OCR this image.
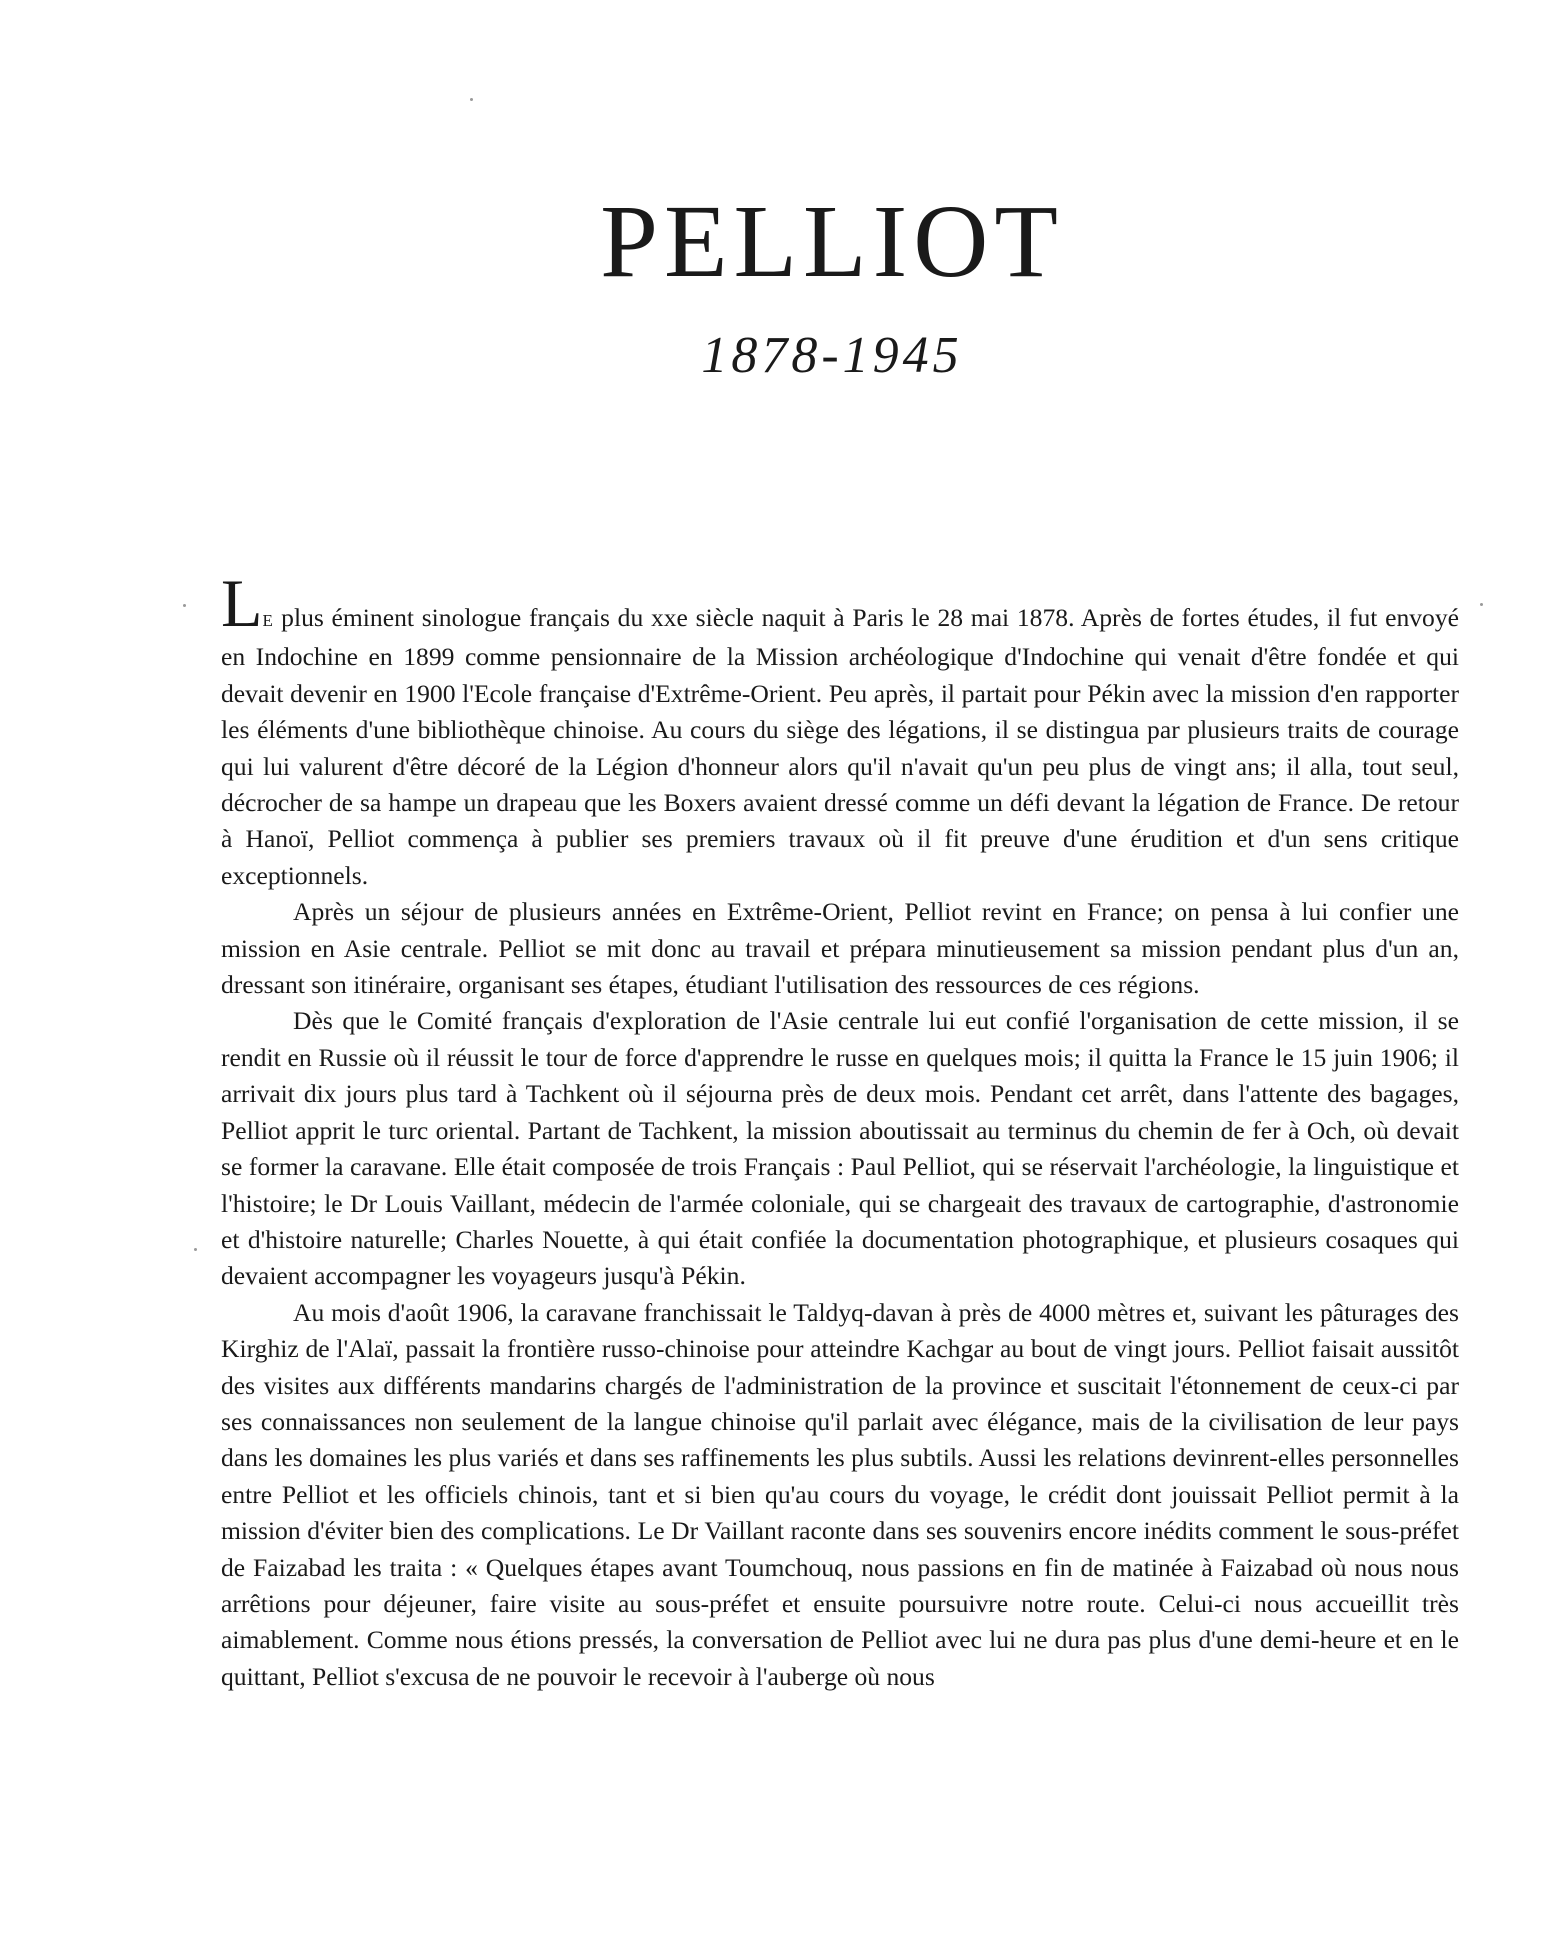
PELLIOT
1878-1945

LE plus éminent sinologue français du xxe siècle naquit à Paris le 28 mai 1878. Après de fortes études, il fut envoyé en Indochine en 1899 comme pensionnaire de la Mission archéologique d'Indochine qui venait d'être fondée et qui devait devenir en 1900 l'Ecole française d'Extrême-Orient. Peu après, il partait pour Pékin avec la mission d'en rapporter les éléments d'une bibliothèque chinoise. Au cours du siège des légations, il se distingua par plusieurs traits de courage qui lui valurent d'être décoré de la Légion d'honneur alors qu'il n'avait qu'un peu plus de vingt ans; il alla, tout seul, décrocher de sa hampe un drapeau que les Boxers avaient dressé comme un défi devant la légation de France. De retour à Hanoï, Pelliot commença à publier ses premiers travaux où il fit preuve d'une érudition et d'un sens critique exceptionnels.

Après un séjour de plusieurs années en Extrême-Orient, Pelliot revint en France; on pensa à lui confier une mission en Asie centrale. Pelliot se mit donc au travail et prépara minutieusement sa mission pendant plus d'un an, dressant son itinéraire, organisant ses étapes, étudiant l'utilisation des ressources de ces régions.

Dès que le Comité français d'exploration de l'Asie centrale lui eut confié l'organisation de cette mission, il se rendit en Russie où il réussit le tour de force d'apprendre le russe en quelques mois; il quitta la France le 15 juin 1906; il arrivait dix jours plus tard à Tachkent où il séjourna près de deux mois. Pendant cet arrêt, dans l'attente des bagages, Pelliot apprit le turc oriental. Partant de Tachkent, la mission aboutissait au terminus du chemin de fer à Och, où devait se former la caravane. Elle était composée de trois Français : Paul Pelliot, qui se réservait l'archéologie, la linguistique et l'histoire; le Dr Louis Vaillant, médecin de l'armée coloniale, qui se chargeait des travaux de cartographie, d'astronomie et d'histoire naturelle; Charles Nouette, à qui était confiée la documentation photographique, et plusieurs cosaques qui devaient accompagner les voyageurs jusqu'à Pékin.

Au mois d'août 1906, la caravane franchissait le Taldyq-davan à près de 4000 mètres et, suivant les pâturages des Kirghiz de l'Alaï, passait la frontière russo-chinoise pour atteindre Kachgar au bout de vingt jours. Pelliot faisait aussitôt des visites aux différents mandarins chargés de l'administration de la province et suscitait l'étonnement de ceux-ci par ses connaissances non seulement de la langue chinoise qu'il parlait avec élégance, mais de la civilisation de leur pays dans les domaines les plus variés et dans ses raffinements les plus subtils. Aussi les relations devinrent-elles personnelles entre Pelliot et les officiels chinois, tant et si bien qu'au cours du voyage, le crédit dont jouissait Pelliot permit à la mission d'éviter bien des complications. Le Dr Vaillant raconte dans ses souvenirs encore inédits comment le sous-préfet de Faizabad les traita : « Quelques étapes avant Toumchouq, nous passions en fin de matinée à Faizabad où nous nous arrêtions pour déjeuner, faire visite au sous-préfet et ensuite poursuivre notre route. Celui-ci nous accueillit très aimablement. Comme nous étions pressés, la conversation de Pelliot avec lui ne dura pas plus d'une demi-heure et en le quittant, Pelliot s'excusa de ne pouvoir le recevoir à l'auberge où nous
